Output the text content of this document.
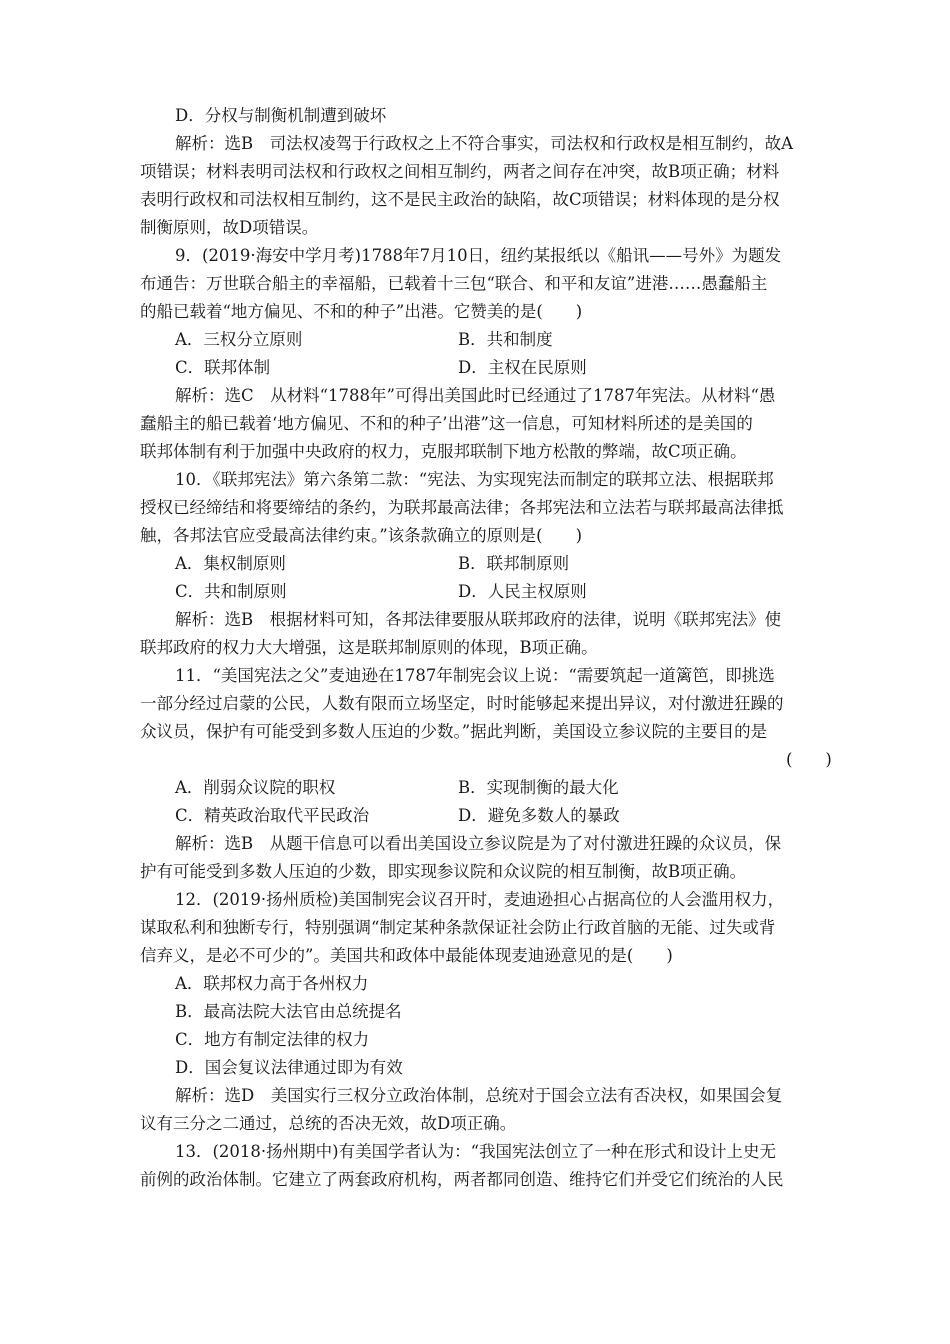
D．分权与制衡机制遭到破坏
解析：选B　司法权凌驾于行政权之上不符合事实，司法权和行政权是相互制约，故A
项错误；材料表明司法权和行政权之间相互制约，两者之间存在冲突，故B项正确；材料
表明行政权和司法权相互制约，这不是民主政治的缺陷，故C项错误；材料体现的是分权
制衡原则，故D项错误。
9．(2019·海安中学月考)1788年7月10日，纽约某报纸以《船讯——号外》为题发
布通告：万世联合船主的幸福船，已载着十三包“联合、和平和友谊”进港……愚蠢船主
的船已载着“地方偏见、不和的种子”出港。它赞美的是(　　)
A．三权分立原则	B．共和制度
C．联邦体制	D．主权在民原则
解析：选C　从材料“1788年”可得出美国此时已经通过了1787年宪法。从材料“愚
蠢船主的船已载着‘地方偏见、不和的种子’出港”这一信息，可知材料所述的是美国的
联邦体制有利于加强中央政府的权力，克服邦联制下地方松散的弊端，故C项正确。
10．《联邦宪法》第六条第二款：“宪法、为实现宪法而制定的联邦立法、根据联邦
授权已经缔结和将要缔结的条约，为联邦最高法律；各邦宪法和立法若与联邦最高法律抵
触，各邦法官应受最高法律约束。”该条款确立的原则是(　　)
A．集权制原则	B．联邦制原则
C．共和制原则	D．人民主权原则
解析：选B　根据材料可知，各邦法律要服从联邦政府的法律，说明《联邦宪法》使
联邦政府的权力大大增强，这是联邦制原则的体现，B项正确。
11．“美国宪法之父”麦迪逊在1787年制宪会议上说：“需要筑起一道篱笆，即挑选
一部分经过启蒙的公民，人数有限而立场坚定，时时能够起来提出异议，对付激进狂躁的
众议员，保护有可能受到多数人压迫的少数。”据此判断，美国设立参议院的主要目的是
(　　)
A．削弱众议院的职权	B．实现制衡的最大化
C．精英政治取代平民政治	D．避免多数人的暴政
解析：选B　从题干信息可以看出美国设立参议院是为了对付激进狂躁的众议员，保
护有可能受到多数人压迫的少数，即实现参议院和众议院的相互制衡，故B项正确。
12．(2019·扬州质检)美国制宪会议召开时，麦迪逊担心占据高位的人会滥用权力，
谋取私利和独断专行，特别强调“制定某种条款保证社会防止行政首脑的无能、过失或背
信弃义，是必不可少的”。美国共和政体中最能体现麦迪逊意见的是(　　)
A．联邦权力高于各州权力
B．最高法院大法官由总统提名
C．地方有制定法律的权力
D．国会复议法律通过即为有效
解析：选D　美国实行三权分立政治体制，总统对于国会立法有否决权，如果国会复
议有三分之二通过，总统的否决无效，故D项正确。
13．(2018·扬州期中)有美国学者认为：“我国宪法创立了一种在形式和设计上史无
前例的政治体制。它建立了两套政府机构，两者都同创造、维持它们并受它们统治的人民
